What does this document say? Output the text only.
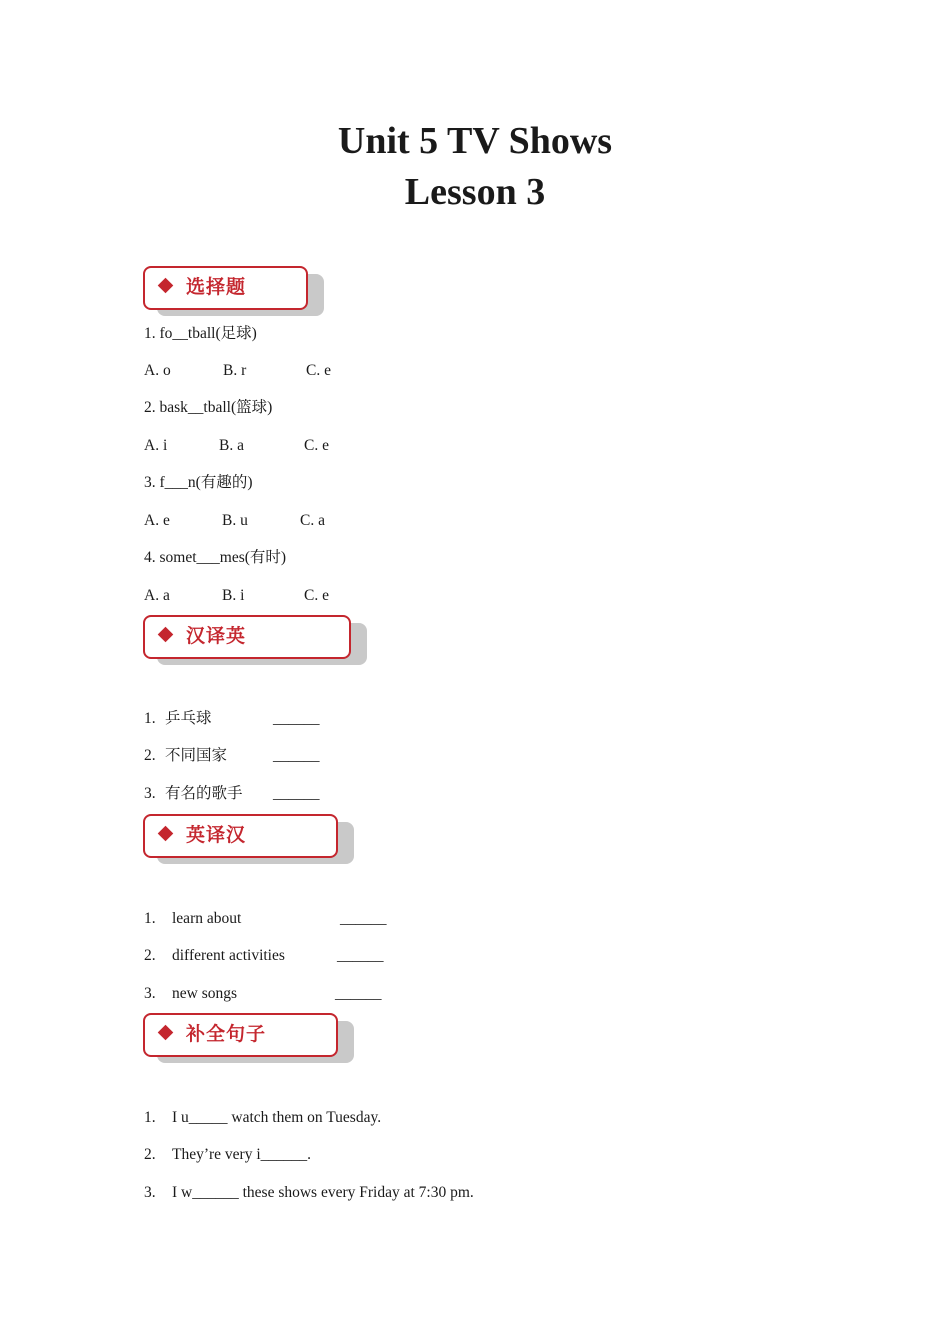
Unit 5 TV Shows
Lesson 3
选择题
1. fo__tball(足球)
A. o	B. r	C. e
2. bask__tball(篮球)
A. i	B. a	C. e
3. f___n(有趣的)
A. e	B. u	C. a
4. somet___mes(有时)
A. a	B. i	C. e
汉译英
1. 乒乓球	______
2. 不同国家	______
3. 有名的歌手 ______
英译汉
1. learn about	______
2. different activities	______
3. new songs	______
补全句子
1. I u_____ watch them on Tuesday.
2. They’re very i______.
3. I w______ these shows every Friday at 7:30 pm.
